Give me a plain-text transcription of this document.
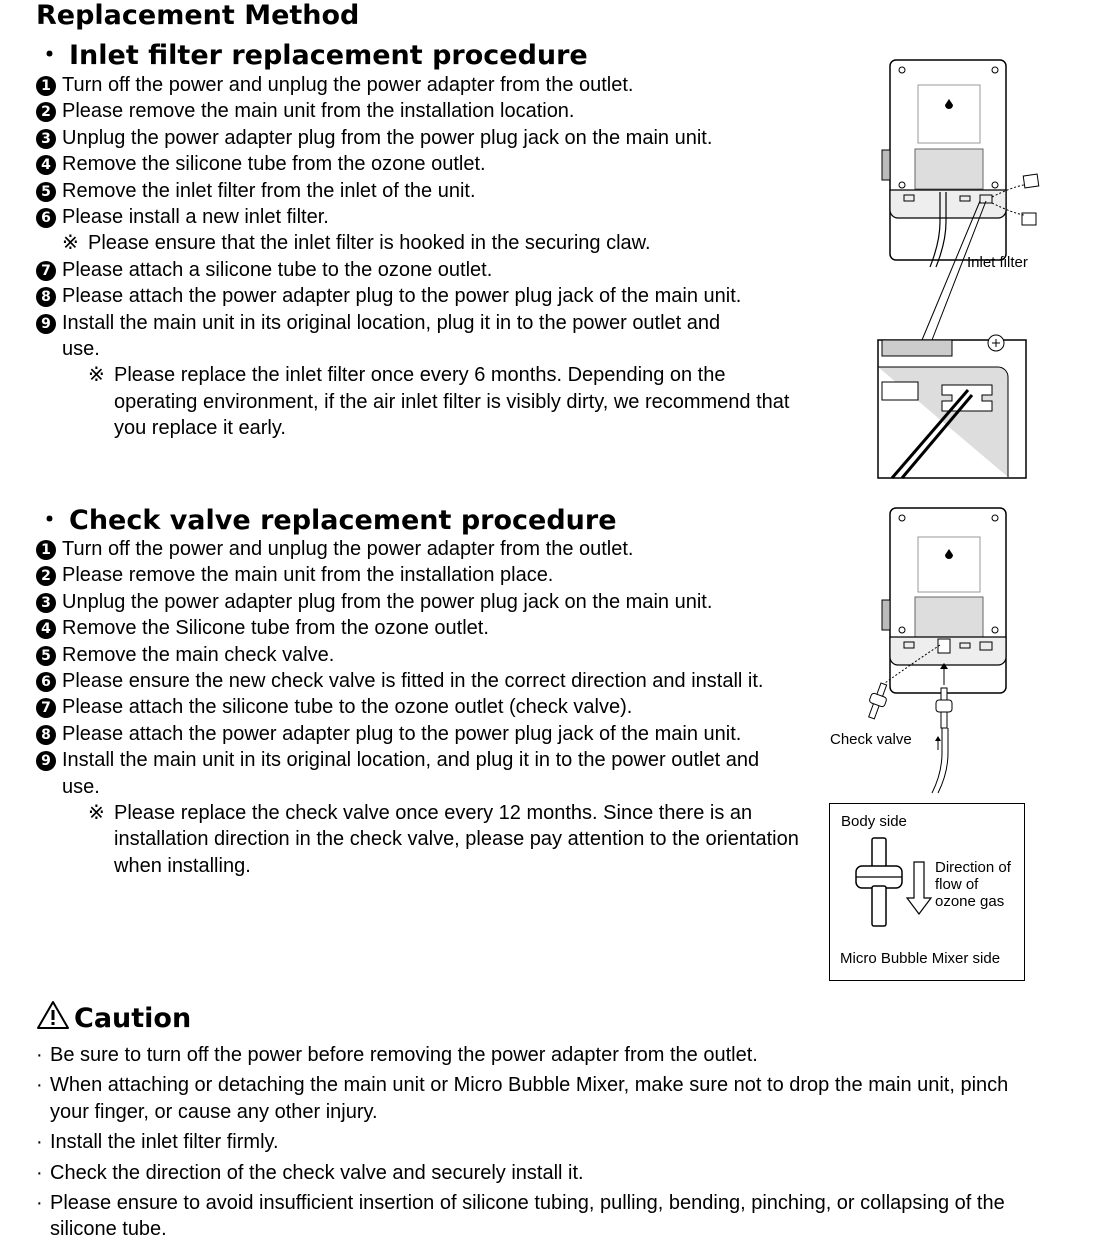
Replacement Method
・ Inlet filter replacement procedure
1 Turn off the power and unplug the power adapter from the outlet.
2 Please remove the main unit from the installation location.
3 Unplug the power adapter plug from the power plug jack on the main unit.
4 Remove the silicone tube from the ozone outlet.
5 Remove the inlet filter from the inlet of the unit.
6 Please install a new inlet filter.
※ Please ensure that the inlet filter is hooked in the securing claw.
7 Please attach a silicone tube to the ozone outlet.
8 Please attach the power adapter plug to the power plug jack of the main unit.
9 Install the main unit in its original location, plug it in to the power outlet and use.
※ Please replace the inlet filter once every 6 months. Depending on the operating environment, if the air inlet filter is visibly dirty, we recommend that you replace it early.
Inlet filter
・ Check valve replacement procedure
1 Turn off the power and unplug the power adapter from the outlet.
2 Please remove the main unit from the installation place.
3 Unplug the power adapter plug from the power plug jack on the main unit.
4 Remove the Silicone tube from the ozone outlet.
5 Remove the main check valve.
6 Please ensure the new check valve is fitted in the correct direction and install it.
7 Please attach the silicone tube to the ozone outlet (check valve).
8 Please attach the power adapter plug to the power plug jack of the main unit.
9 Install the main unit in its original location, and plug it in to the power outlet and use.
※ Please replace the check valve once every 12 months. Since there is an installation direction in the check valve, please pay attention to the orientation when installing.
Check valve
Body side
Direction of flow of ozone gas
Micro Bubble Mixer side
Caution
· Be sure to turn off the power before removing the power adapter from the outlet.
· When attaching or detaching the main unit or Micro Bubble Mixer, make sure not to drop the main unit, pinch your finger, or cause any other injury.
· Install the inlet filter firmly.
· Check the direction of the check valve and securely install it.
· Please ensure to avoid insufficient insertion of silicone tubing, pulling, bending, pinching, or collapsing of the silicone tube.
